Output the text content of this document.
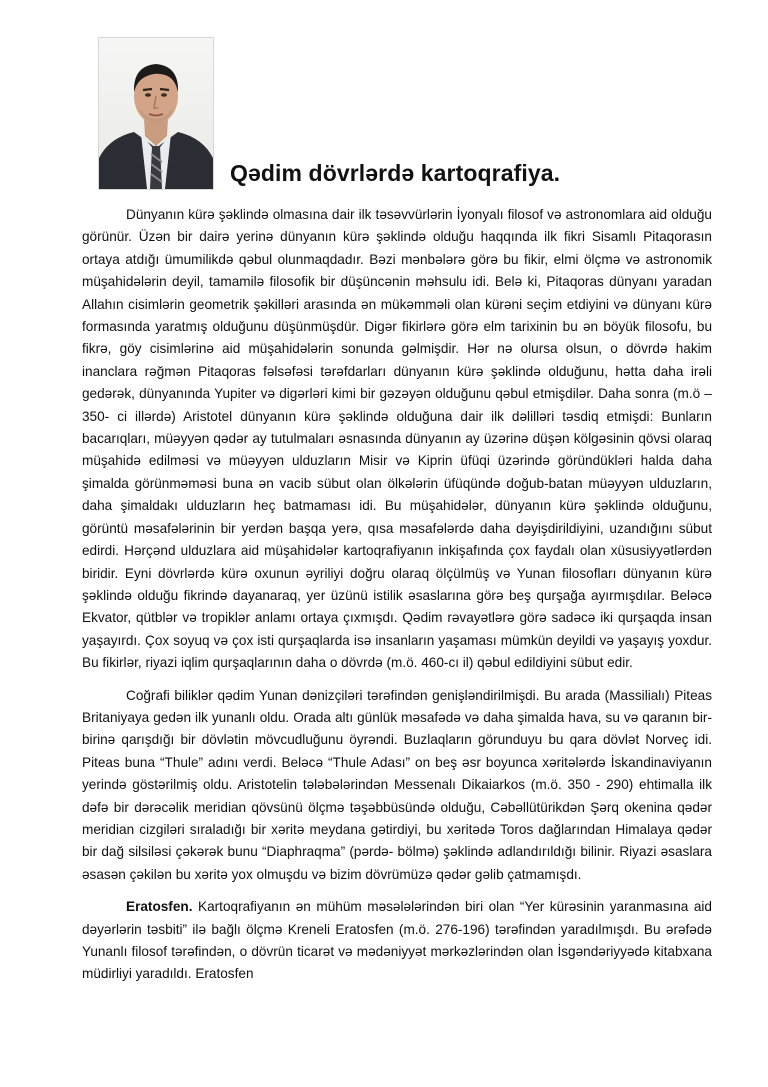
Qədim dövrlərdə kartoqrafiya.

Dünyanın kürə şəklində olmasına dair ilk təsəvvürlərin İyonyalı filosof və astronomlara aid olduğu görünür. Üzən bir dairə yerinə dünyanın kürə şəklində olduğu haqqında ilk fikri Sisamlı Pitaqorasın ortaya atdığı ümumilikdə qəbul olunmaqdadır. Bəzi mənbələrə görə bu fikir, elmi ölçmə və astronomik müşahidələrin deyil, tamamilə filosofik bir düşüncənin məhsulu idi. Belə ki, Pitaqoras dünyanı yaradan Allahın cisimlərin geometrik şəkilləri arasında ən mükəmməli olan kürəni seçim etdiyini və dünyanı kürə formasında yaratmış olduğunu düşünmüşdür. Digər fikirlərə görə elm tarixinin bu ən böyük filosofu, bu fikrə, göy cisimlərinə aid müşahidələrin sonunda gəlmişdir. Hər nə olursa olsun, o dövrdə hakim inanclara rəğmən Pitaqoras fəlsəfəsi tərəfdarları dünyanın kürə şəklində olduğunu, hətta daha irəli gedərək, dünyanında Yupiter və digərləri kimi bir gəzəyən olduğunu qəbul etmişdilər. Daha sonra (m.ö –350- ci illərdə) Aristotel dünyanın kürə şəklində olduğuna dair ilk dəlilləri təsdiq etmişdi: Bunların bacarıqları, müəyyən qədər ay tutulmaları əsnasında dünyanın ay üzərinə düşən kölgəsinin qövsi olaraq müşahidə edilməsi və müəyyən ulduzların Misir və Kiprin üfüqi üzərində göründükləri halda daha şimalda görünməməsi buna ən vacib sübut olan ölkələrin üfüqündə doğub-batan müəyyən ulduzların, daha şimaldakı ulduzların heç batmaması idi. Bu müşahidələr, dünyanın kürə şəklində olduğunu, görüntü məsafələrinin bir yerdən başqa yerə, qısa məsafələrdə daha dəyişdirildiyini, uzandığını sübut edirdi. Hərçənd ulduzlara aid müşahidələr kartoqrafiyanın inkişafında çox faydalı olan xüsusiyyətlərdən biridir. Eyni dövrlərdə kürə oxunun əyriliyi doğru olaraq ölçülmüş və Yunan filosofları dünyanın kürə şəklində olduğu fikrində dayanaraq, yer üzünü istilik əsaslarına görə beş qurşağa ayırmışdılar. Beləcə Ekvator, qütblər və tropiklər anlamı ortaya çıxmışdı. Qədim rəvayətlərə görə sadəcə iki qurşaqda insan yaşayırdı. Çox soyuq və çox isti qurşaqlarda isə insanların yaşaması mümkün deyildi və yaşayış yoxdur. Bu fikirlər, riyazi iqlim qurşaqlarının daha o dövrdə (m.ö. 460-cı il) qəbul edildiyini sübut edir.

Coğrafi biliklər qədim Yunan dənizçiləri tərəfindən genişləndirilmişdi. Bu arada (Massilialı) Piteas Britaniyaya gedən ilk yunanlı oldu. Orada altı günlük məsafədə və daha şimalda hava, su və qaranın bir-birinə qarışdığı bir dövlətin mövcudluğunu öyrəndi. Buzlaqların görunduyu bu qara dövlət Norveç idi. Piteas buna “Thule” adını verdi. Beləcə “Thule Adası” on beş əsr boyunca xəritələrdə İskandinaviyanın yerində göstərilmiş oldu. Aristotelin tələbələrindən Messenalı Dikaiarkos (m.ö. 350 - 290) ehtimalla ilk dəfə bir dərəcəlik meridian qövsünü ölçmə təşəbbüsündə olduğu, Cəbəllütürikdən Şərq okenina qədər meridian cizgiləri sıraladığı bir xəritə meydana gətirdiyi, bu xəritədə Toros dağlarından Himalaya qədər bir dağ silsiləsi çəkərək bunu “Diaphraqma” (pərdə- bölmə) şəklində adlandırıldığı bilinir. Riyazi əsaslara əsasən çəkilən bu xəritə yox olmuşdu və bizim dövrümüzə qədər gəlib çatmamışdı.

Eratosfen. Kartoqrafiyanın ən mühüm məsələlərindən biri olan “Yer kürəsinin yaranmasına aid dəyərlərin təsbiti” ilə bağlı ölçmə Kreneli Eratosfen (m.ö. 276-196) tərəfindən yaradılmışdı. Bu ərəfədə Yunanlı filosof tərəfindən, o dövrün ticarət və mədəniyyət mərkəzlərindən olan İsgəndəriyyədə kitabxana müdirliyi yaradıldı. Eratosfen
